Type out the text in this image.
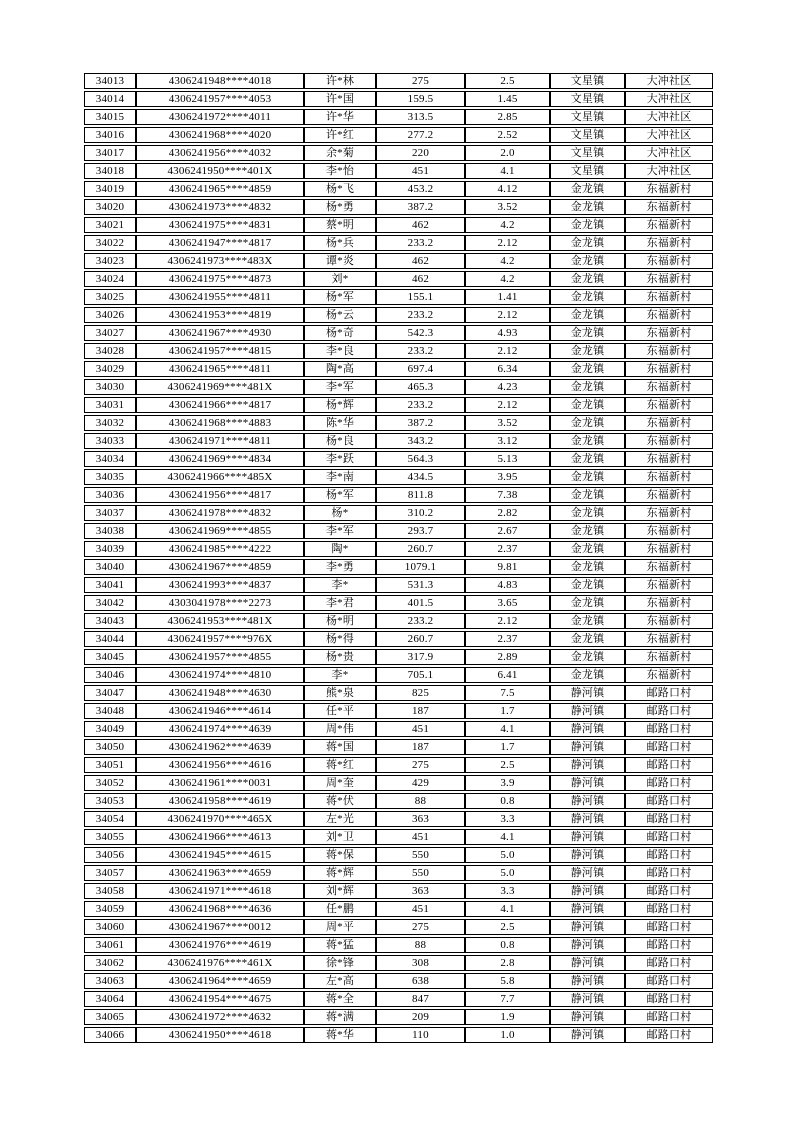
34013	4306241948****4018	许*林	275	2.5	文星镇	大冲社区
34014	4306241957****4053	许*国	159.5	1.45	文星镇	大冲社区
34015	4306241972****4011	许*华	313.5	2.85	文星镇	大冲社区
34016	4306241968****4020	许*红	277.2	2.52	文星镇	大冲社区
34017	4306241956****4032	余*菊	220	2.0	文星镇	大冲社区
34018	4306241950****401X	李*怡	451	4.1	文星镇	大冲社区
34019	4306241965****4859	杨*飞	453.2	4.12	金龙镇	东福新村
34020	4306241973****4832	杨*勇	387.2	3.52	金龙镇	东福新村
34021	4306241975****4831	蔡*明	462	4.2	金龙镇	东福新村
34022	4306241947****4817	杨*兵	233.2	2.12	金龙镇	东福新村
34023	4306241973****483X	谭*炎	462	4.2	金龙镇	东福新村
34024	4306241975****4873	刘*	462	4.2	金龙镇	东福新村
34025	4306241955****4811	杨*军	155.1	1.41	金龙镇	东福新村
34026	4306241953****4819	杨*云	233.2	2.12	金龙镇	东福新村
34027	4306241967****4930	杨*奇	542.3	4.93	金龙镇	东福新村
34028	4306241957****4815	李*良	233.2	2.12	金龙镇	东福新村
34029	4306241965****4811	陶*高	697.4	6.34	金龙镇	东福新村
34030	4306241969****481X	李*军	465.3	4.23	金龙镇	东福新村
34031	4306241966****4817	杨*辉	233.2	2.12	金龙镇	东福新村
34032	4306241968****4883	陈*华	387.2	3.52	金龙镇	东福新村
34033	4306241971****4811	杨*良	343.2	3.12	金龙镇	东福新村
34034	4306241969****4834	李*跃	564.3	5.13	金龙镇	东福新村
34035	4306241966****485X	李*南	434.5	3.95	金龙镇	东福新村
34036	4306241956****4817	杨*军	811.8	7.38	金龙镇	东福新村
34037	4306241978****4832	杨*	310.2	2.82	金龙镇	东福新村
34038	4306241969****4855	李*军	293.7	2.67	金龙镇	东福新村
34039	4306241985****4222	陶*	260.7	2.37	金龙镇	东福新村
34040	4306241967****4859	李*勇	1079.1	9.81	金龙镇	东福新村
34041	4306241993****4837	李*	531.3	4.83	金龙镇	东福新村
34042	4303041978****2273	李*君	401.5	3.65	金龙镇	东福新村
34043	4306241953****481X	杨*明	233.2	2.12	金龙镇	东福新村
34044	4306241957****976X	杨*得	260.7	2.37	金龙镇	东福新村
34045	4306241957****4855	杨*贵	317.9	2.89	金龙镇	东福新村
34046	4306241974****4810	李*	705.1	6.41	金龙镇	东福新村
34047	4306241948****4630	熊*泉	825	7.5	静河镇	邮路口村
34048	4306241946****4614	任*平	187	1.7	静河镇	邮路口村
34049	4306241974****4639	周*伟	451	4.1	静河镇	邮路口村
34050	4306241962****4639	蒋*国	187	1.7	静河镇	邮路口村
34051	4306241956****4616	蒋*红	275	2.5	静河镇	邮路口村
34052	4306241961****0031	周*奎	429	3.9	静河镇	邮路口村
34053	4306241958****4619	蒋*伏	88	0.8	静河镇	邮路口村
34054	4306241970****465X	左*光	363	3.3	静河镇	邮路口村
34055	4306241966****4613	刘*卫	451	4.1	静河镇	邮路口村
34056	4306241945****4615	蒋*保	550	5.0	静河镇	邮路口村
34057	4306241963****4659	蒋*辉	550	5.0	静河镇	邮路口村
34058	4306241971****4618	刘*辉	363	3.3	静河镇	邮路口村
34059	4306241968****4636	任*鹏	451	4.1	静河镇	邮路口村
34060	4306241967****0012	周*平	275	2.5	静河镇	邮路口村
34061	4306241976****4619	蒋*猛	88	0.8	静河镇	邮路口村
34062	4306241976****461X	徐*锋	308	2.8	静河镇	邮路口村
34063	4306241964****4659	左*高	638	5.8	静河镇	邮路口村
34064	4306241954****4675	蒋*全	847	7.7	静河镇	邮路口村
34065	4306241972****4632	蒋*满	209	1.9	静河镇	邮路口村
34066	4306241950****4618	蒋*华	110	1.0	静河镇	邮路口村
